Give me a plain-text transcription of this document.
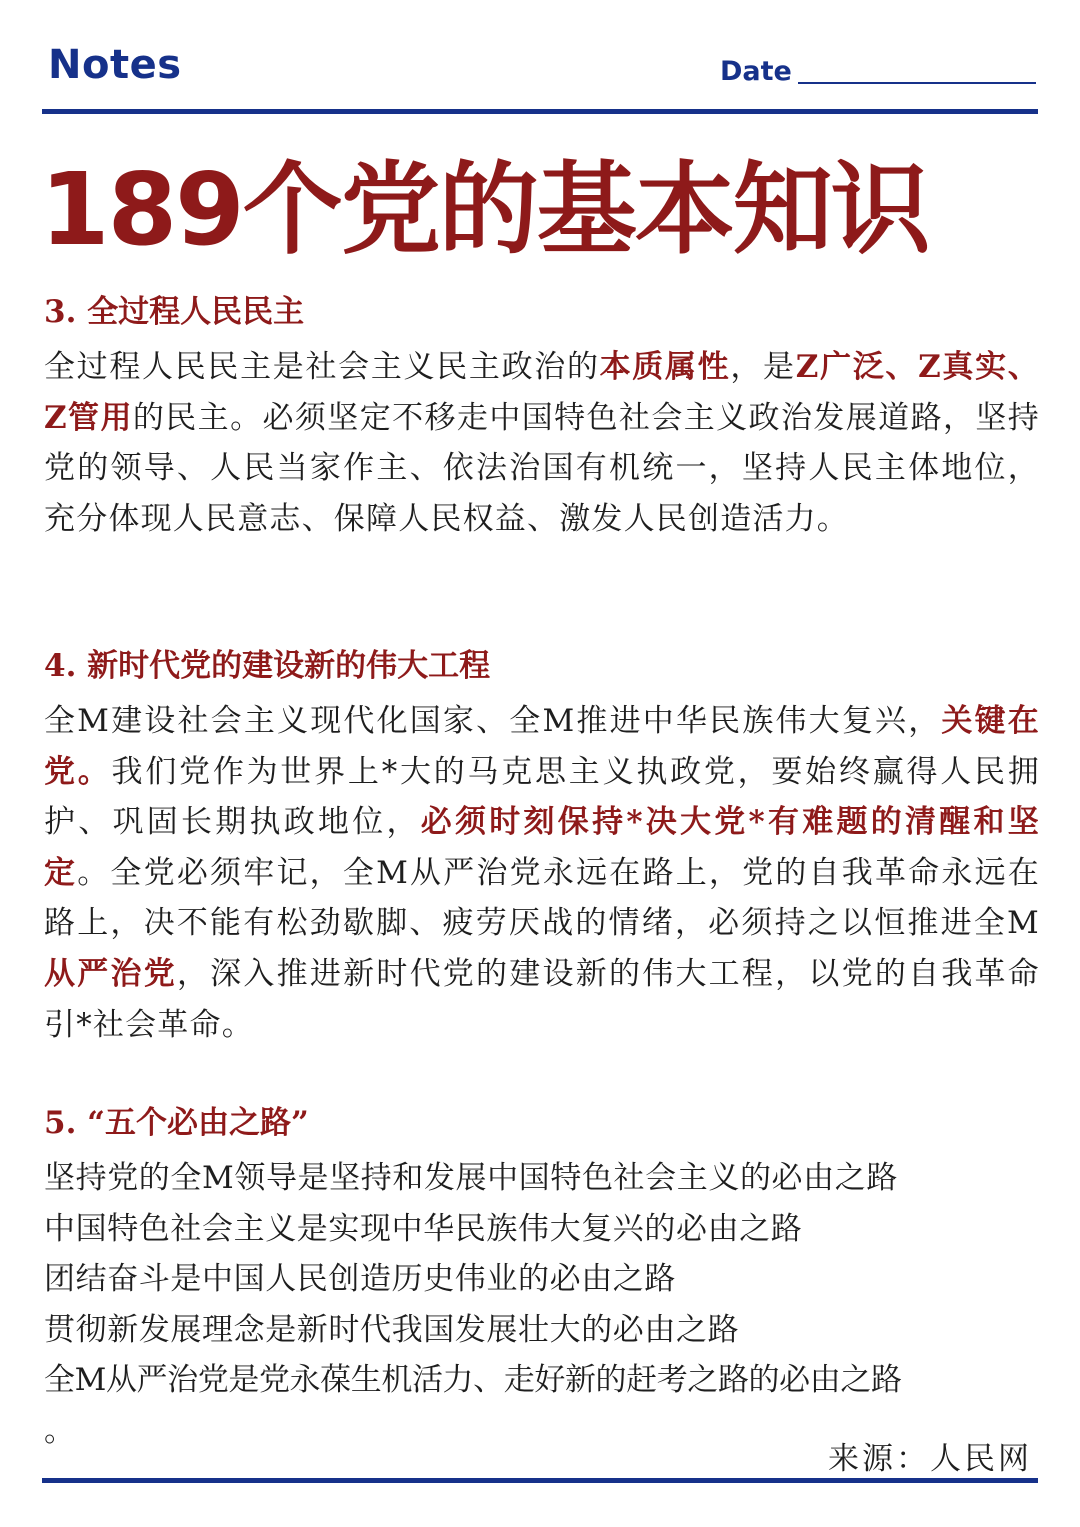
Notes	Date
189个党的基本知识
3. 全过程人民民主
全过程人民民主是社会主义民主政治的本质属性，是Z广泛、Z真实、Z管用的民主。必须坚定不移走中国特色社会主义政治发展道路，坚持党的领导、人民当家作主、依法治国有机统一，坚持人民主体地位，充分体现人民意志、保障人民权益、激发人民创造活力。
4. 新时代党的建设新的伟大工程
全M建设社会主义现代化国家、全M推进中华民族伟大复兴，关键在党。我们党作为世界上*大的马克思主义执政党，要始终赢得人民拥护、巩固长期执政地位，必须时刻保持*决大党*有难题的清醒和坚定。全党必须牢记，全M从严治党永远在路上，党的自我革命永远在路上，决不能有松劲歇脚、疲劳厌战的情绪，必须持之以恒推进全M从严治党，深入推进新时代党的建设新的伟大工程，以党的自我革命引*社会革命。
5. “五个必由之路”
坚持党的全M领导是坚持和发展中国特色社会主义的必由之路
中国特色社会主义是实现中华民族伟大复兴的必由之路
团结奋斗是中国人民创造历史伟业的必由之路
贯彻新发展理念是新时代我国发展壮大的必由之路
全M从严治党是党永葆生机活力、走好新的赶考之路的必由之路
。
来源：人民网
